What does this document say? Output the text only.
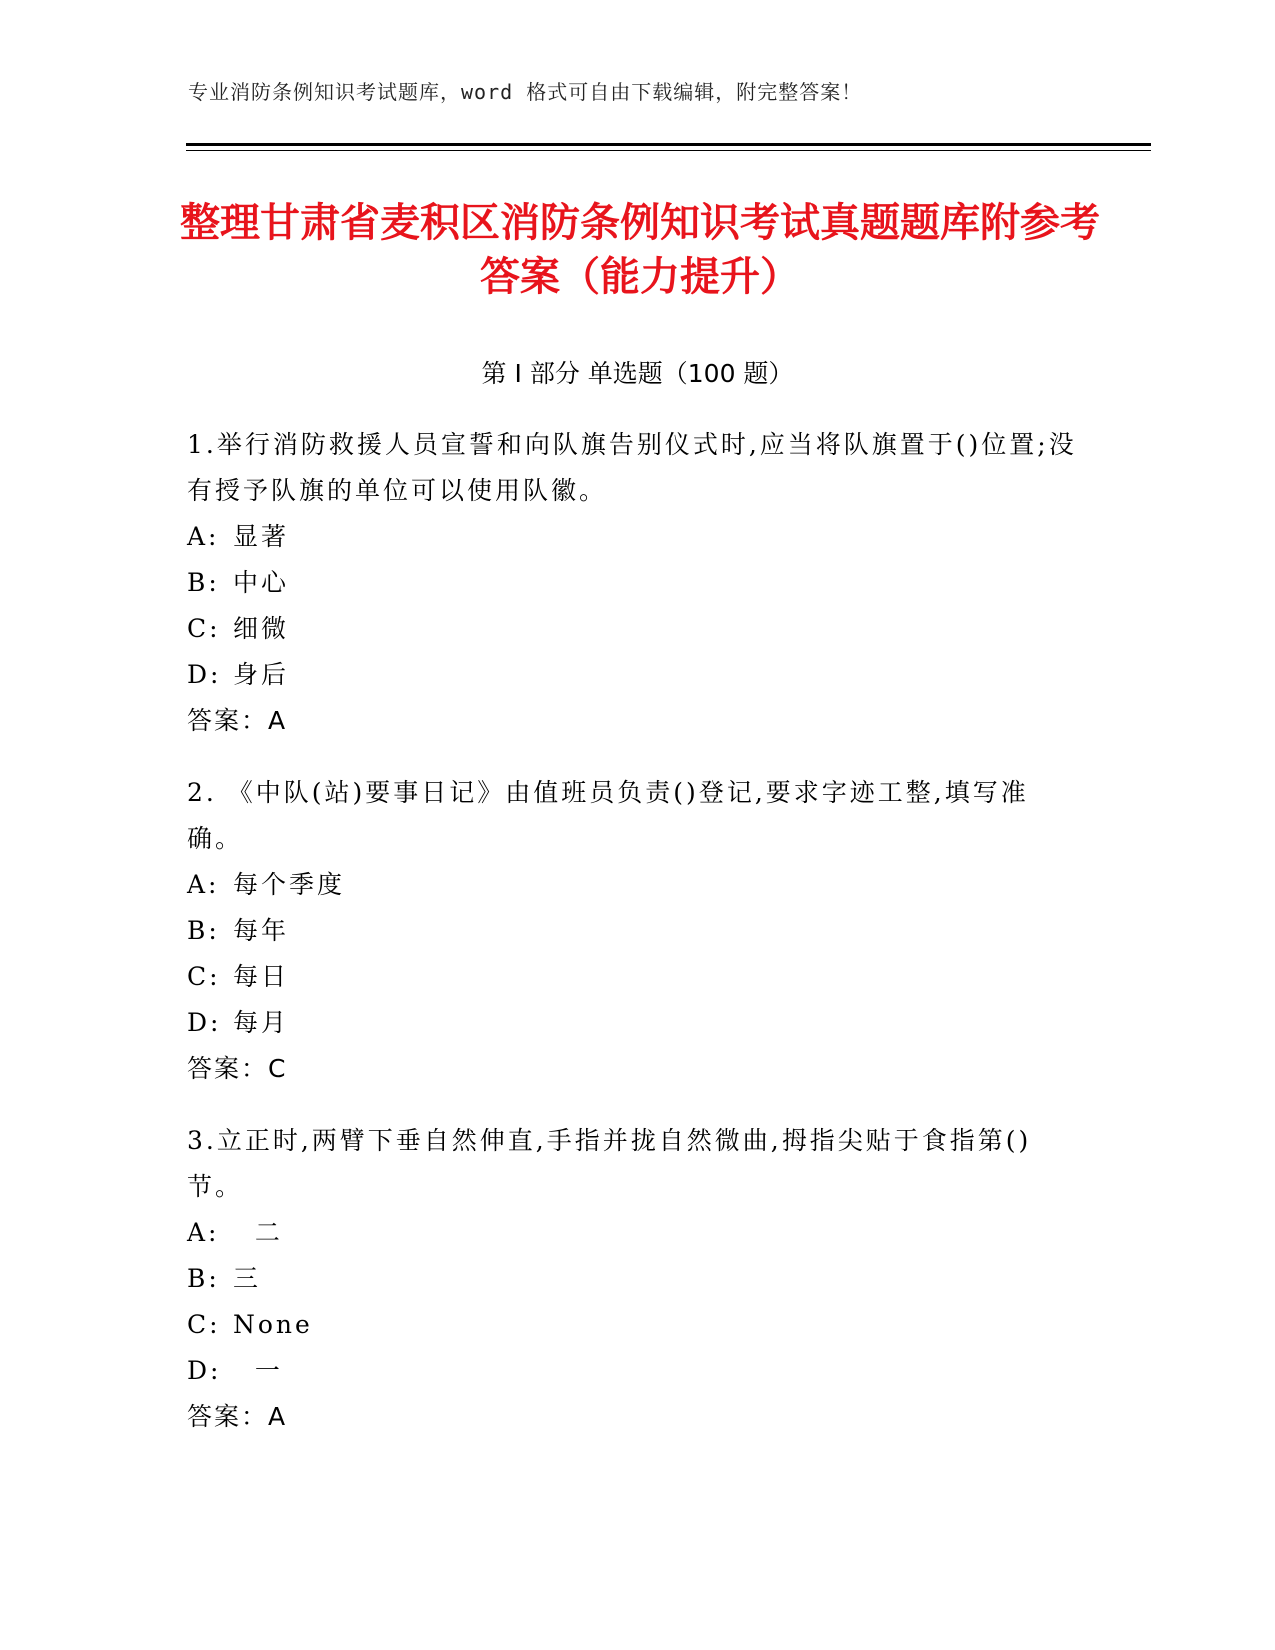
专业消防条例知识考试题库，word 格式可自由下载编辑，附完整答案！
整理甘肃省麦积区消防条例知识考试真题题库附参考答案（能力提升）
第 I 部分 单选题（100 题）
1.举行消防救援人员宣誓和向队旗告别仪式时,应当将队旗置于()位置;没有授予队旗的单位可以使用队徽。
A: 显著
B: 中心
C: 细微
D: 身后
答案：A
2. 《中队(站)要事日记》由值班员负责()登记,要求字迹工整,填写准确。
A: 每个季度
B: 每年
C: 每日
D: 每月
答案：C
3.立正时,两臂下垂自然伸直,手指并拢自然微曲,拇指尖贴于食指第()节。
A:  二
B: 三
C: None
D:  一
答案：A
